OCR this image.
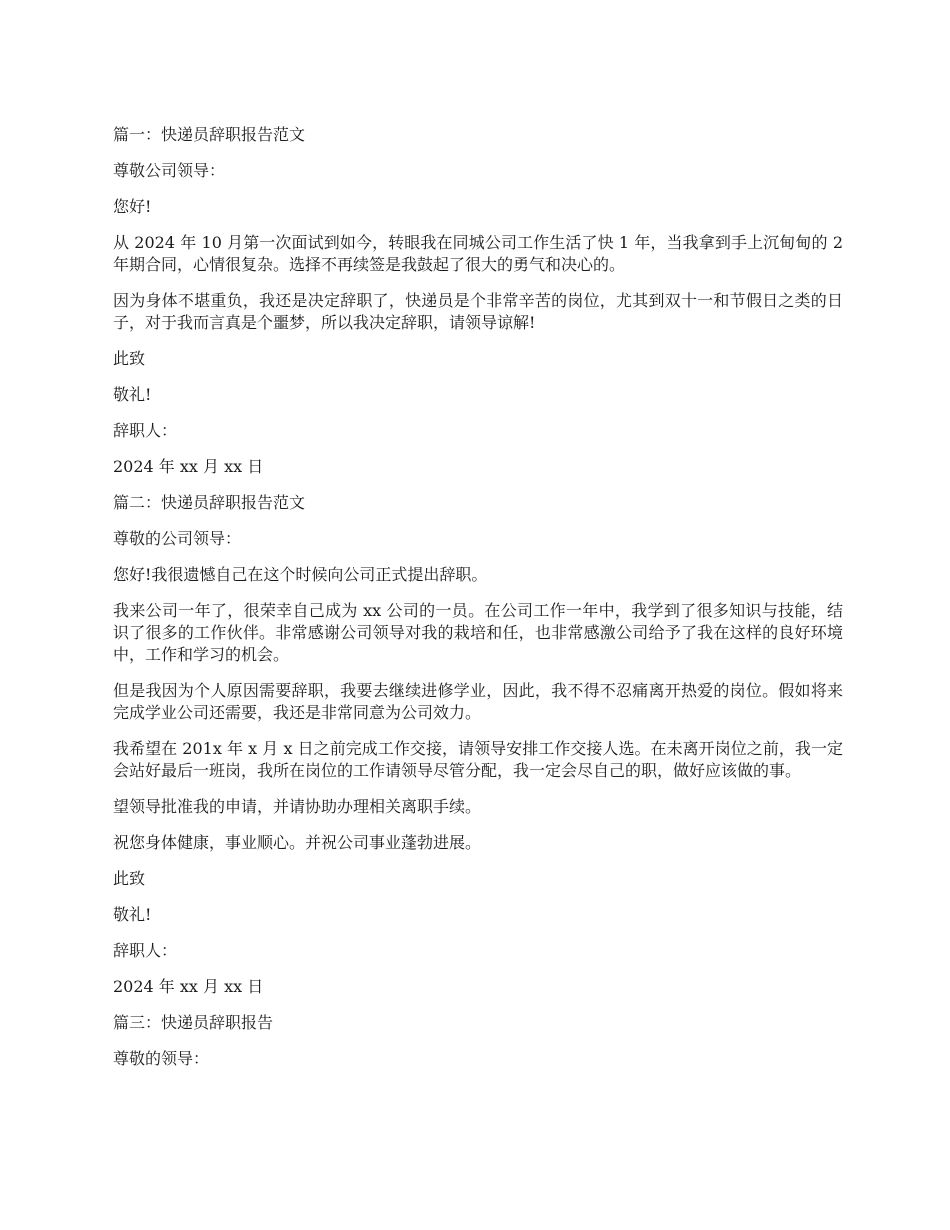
篇一：快递员辞职报告范文

尊敬公司领导：

您好!

从 2024 年 10 月第一次面试到如今，转眼我在同城公司工作生活了快 1 年，当我拿到手上沉甸甸的 2 年期合同，心情很复杂。选择不再续签是我鼓起了很大的勇气和决心的。

因为身体不堪重负，我还是决定辞职了，快递员是个非常辛苦的岗位，尤其到双十一和节假日之类的日子，对于我而言真是个噩梦，所以我决定辞职，请领导谅解!

此致

敬礼!

辞职人：

2024 年 xx 月 xx 日

篇二：快递员辞职报告范文

尊敬的公司领导：

您好!我很遗憾自己在这个时候向公司正式提出辞职。

我来公司一年了，很荣幸自己成为 xx 公司的一员。在公司工作一年中，我学到了很多知识与技能，结识了很多的工作伙伴。非常感谢公司领导对我的栽培和任，也非常感激公司给予了我在这样的良好环境中，工作和学习的机会。

但是我因为个人原因需要辞职，我要去继续进修学业，因此，我不得不忍痛离开热爱的岗位。假如将来完成学业公司还需要，我还是非常同意为公司效力。

我希望在 201x 年 x 月 x 日之前完成工作交接，请领导安排工作交接人选。在未离开岗位之前，我一定会站好最后一班岗，我所在岗位的工作请领导尽管分配，我一定会尽自己的职，做好应该做的事。

望领导批准我的申请，并请协助办理相关离职手续。

祝您身体健康，事业顺心。并祝公司事业蓬勃进展。

此致

敬礼!

辞职人：

2024 年 xx 月 xx 日

篇三：快递员辞职报告

尊敬的领导：
